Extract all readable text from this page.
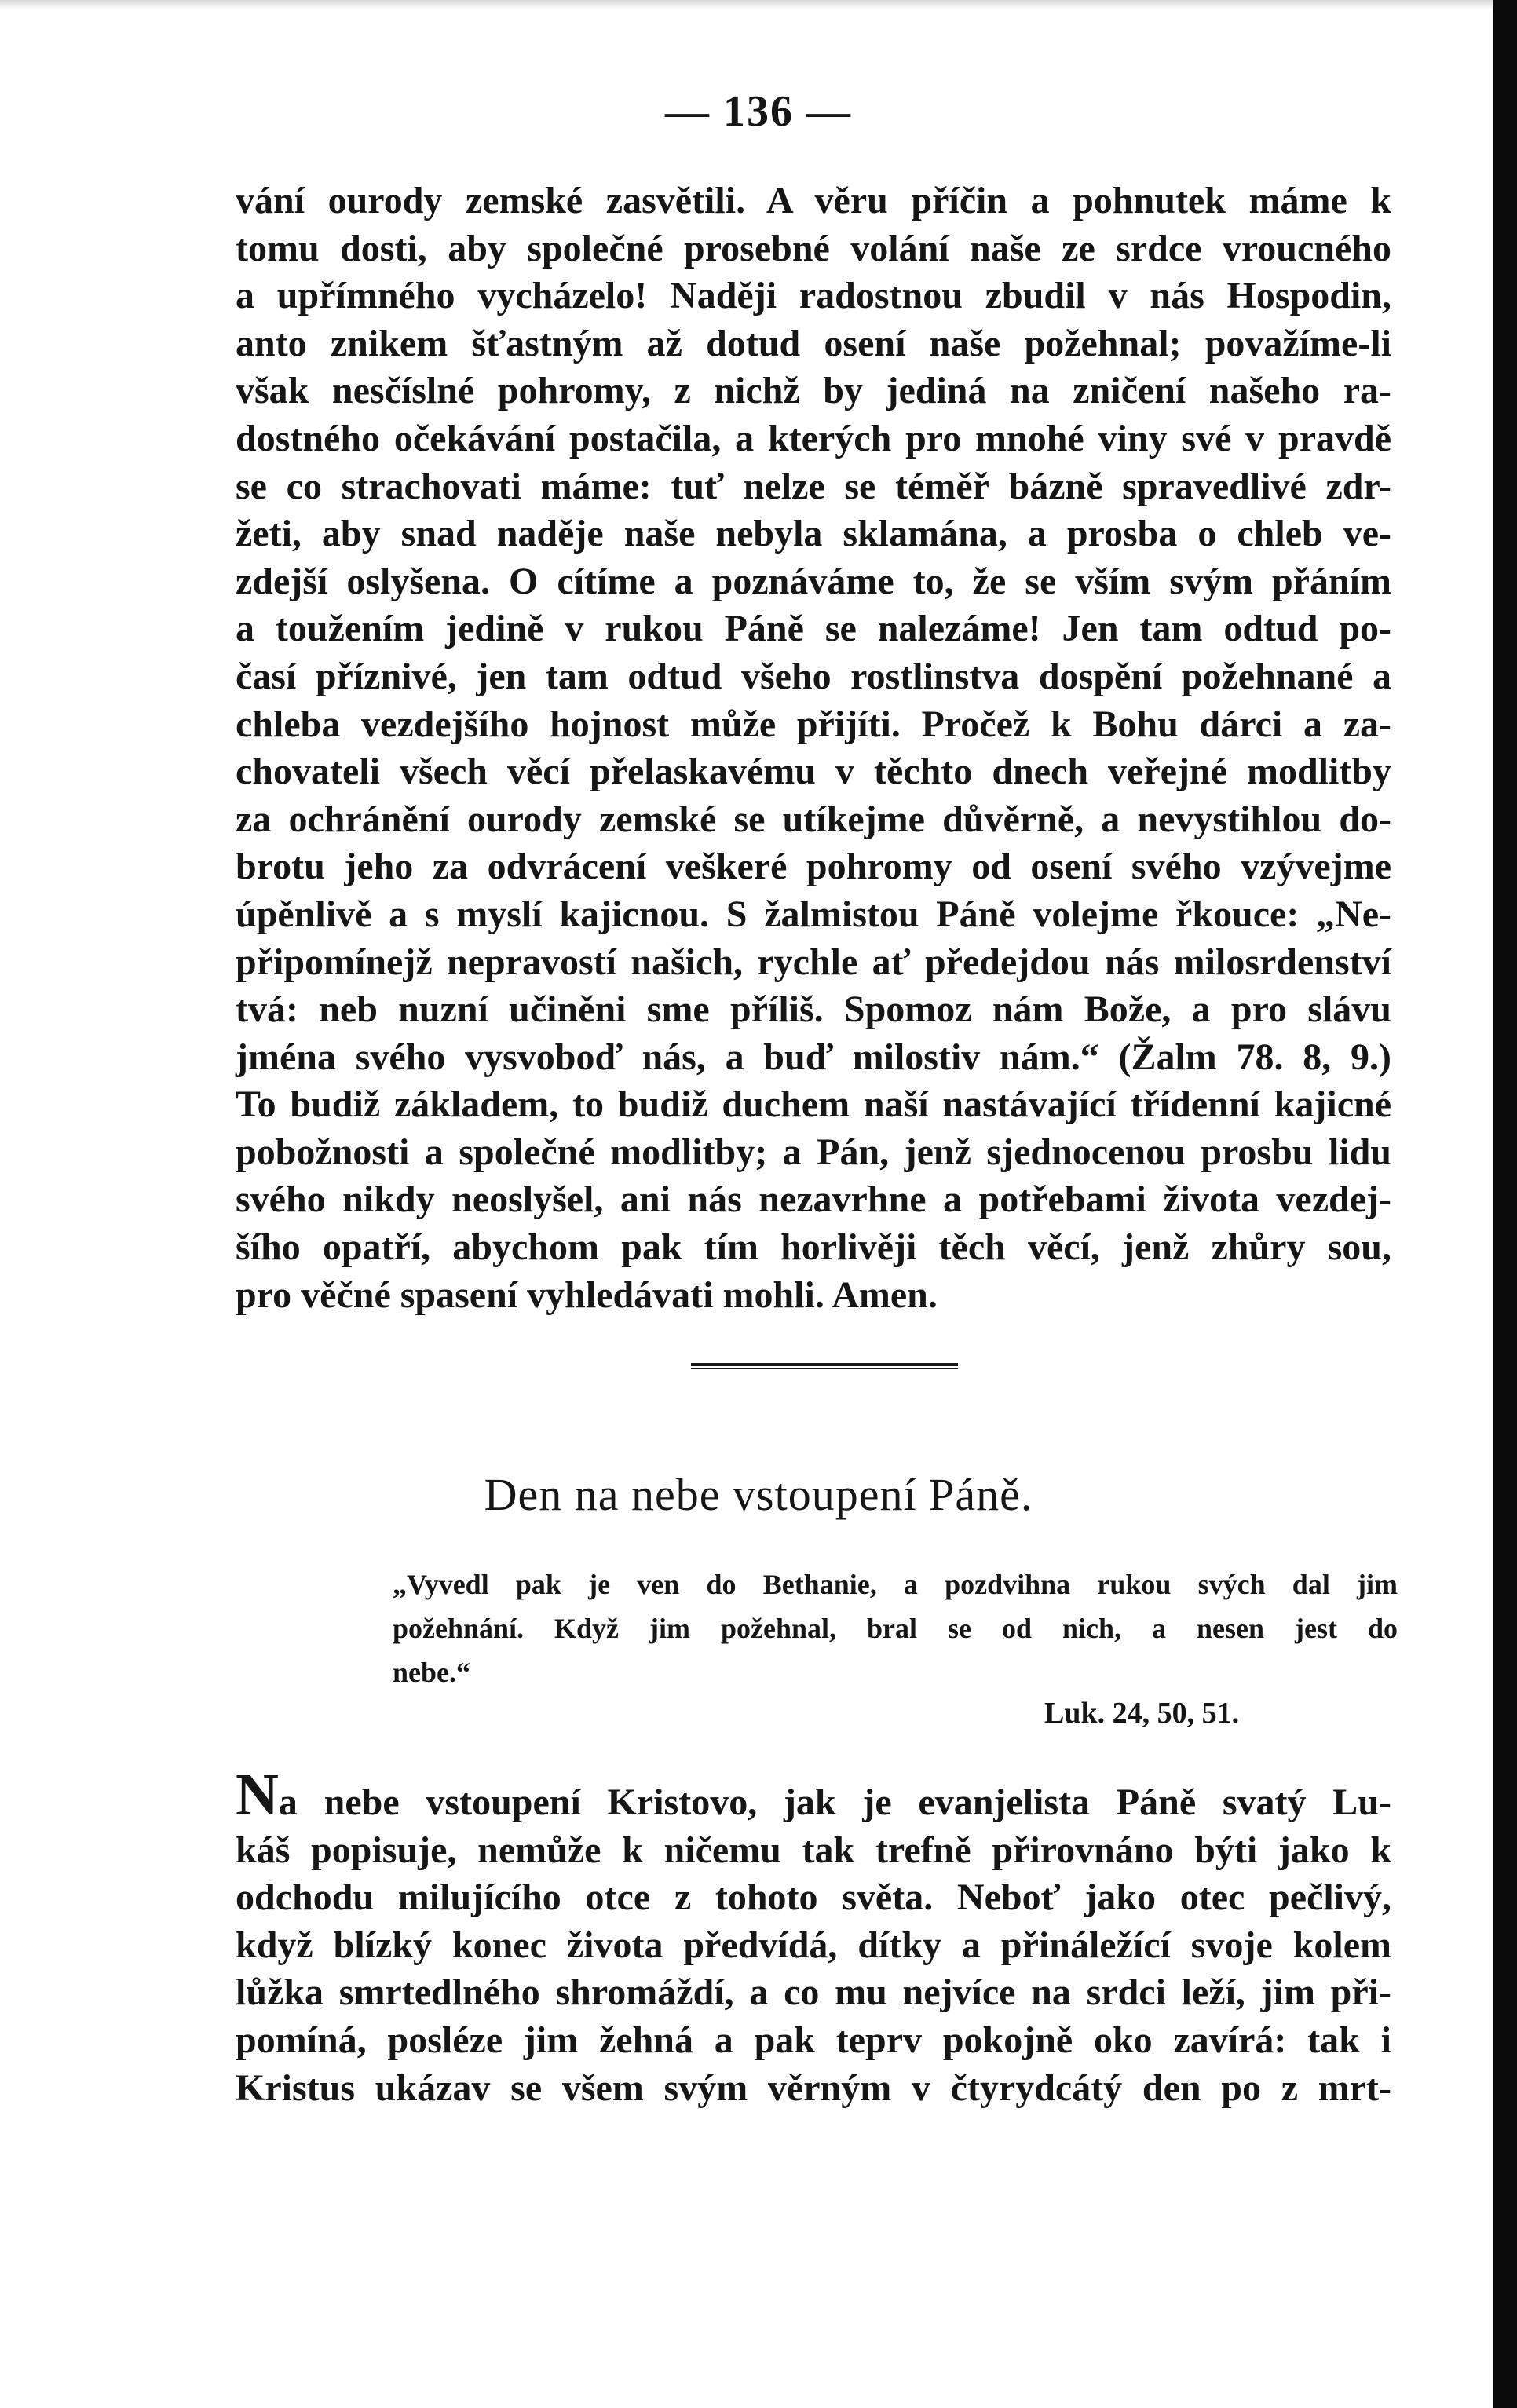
— 136 —
vání ourody zemské zasvětili. A věru příčin a pohnutek máme k
tomu dosti, aby společné prosebné volání naše ze srdce vroucného
a upřímného vycházelo! Naději radostnou zbudil v nás Hospodin,
anto znikem šťastným až dotud osení naše požehnal; považíme-li
však nesčíslné pohromy, z nichž by jediná na zničení našeho ra-
dostného očekávání postačila, a kterých pro mnohé viny své v pravdě
se co strachovati máme: tuť nelze se téměř bázně spravedlivé zdr-
žeti, aby snad naděje naše nebyla sklamána, a prosba o chleb ve-
zdejší oslyšena. O cítíme a poznáváme to, že se vším svým přáním
a toužením jedině v rukou Páně se nalezáme! Jen tam odtud po-
časí příznivé, jen tam odtud všeho rostlinstva dospění požehnané a
chleba vezdejšího hojnost může přijíti. Pročež k Bohu dárci a za-
chovateli všech věcí přelaskavému v těchto dnech veřejné modlitby
za ochránění ourody zemské se utíkejme důvěrně, a nevystihlou do-
brotu jeho za odvrácení veškeré pohromy od osení svého vzývejme
úpěnlivě a s myslí kajicnou. S žalmistou Páně volejme řkouce: „Ne-
připomínejž nepravostí našich, rychle ať předejdou nás milosrdenství
tvá: neb nuzní učiněni sme příliš. Spomoz nám Bože, a pro slávu
jména svého vysvoboď nás, a buď milostiv nám.“ (Žalm 78. 8, 9.)
To budiž základem, to budiž duchem naší nastávající třídenní kajicné
pobožnosti a společné modlitby; a Pán, jenž sjednocenou prosbu lidu
svého nikdy neoslyšel, ani nás nezavrhne a potřebami života vezdej-
šího opatří, abychom pak tím horlivěji těch věcí, jenž zhůry sou,
pro věčné spasení vyhledávati mohli. Amen.
Den na nebe vstoupení Páně.
„Vyvedl pak je ven do Bethanie, a pozdvihna rukou svých dal jim
požehnání. Když jim požehnal, bral se od nich, a nesen jest do
nebe.“
Luk. 24, 50, 51.
Na nebe vstoupení Kristovo, jak je evanjelista Páně svatý Lu-
káš popisuje, nemůže k ničemu tak trefně přirovnáno býti jako k
odchodu milujícího otce z tohoto světa. Neboť jako otec pečlivý,
když blízký konec života předvídá, dítky a přináležící svoje kolem
lůžka smrtedlného shromáždí, a co mu nejvíce na srdci leží, jim při-
pomíná, posléze jim žehná a pak teprv pokojně oko zavírá: tak i
Kristus ukázav se všem svým věrným v čtyrydcátý den po z mrt-
